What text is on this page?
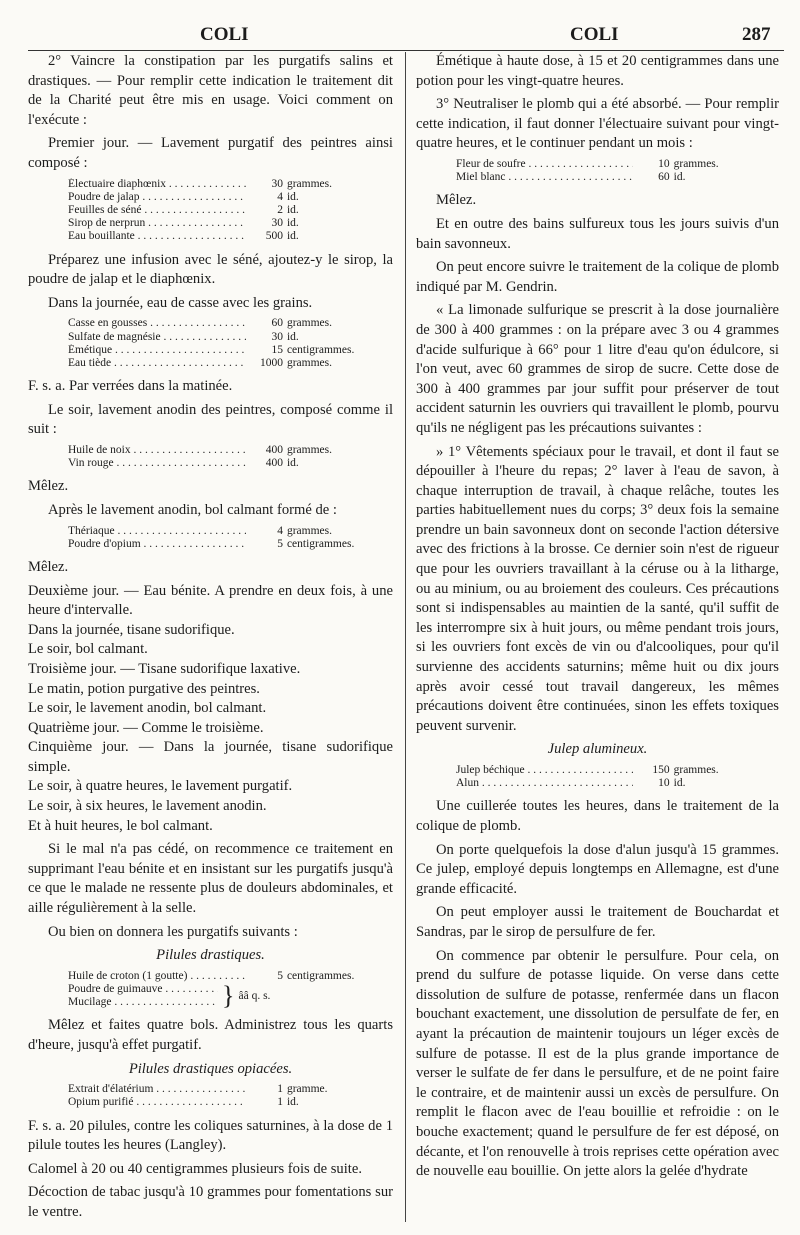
COLI	COLI	287

2° Vaincre la constipation par les purgatifs salins et drastiques. — Pour remplir cette indication le traitement dit de la Charité peut être mis en usage. Voici comment on l'exécute :

Premier jour. — Lavement purgatif des peintres ainsi composé :

Électuaire diaphœnix . . .	30 grammes.
Poudre de jalap . . .	4 id.
Feuilles de séné . . .	2 id.
Sirop de nerprun . . .	30 id.
Eau bouillante . . .	500 id.

Préparez une infusion avec le séné, ajoutez-y le sirop, la poudre de jalap et le diaphœnix.

Dans la journée, eau de casse avec les grains.

Casse en gousses . . .	60 grammes.
Sulfate de magnésie . . .	30 id.
Émétique . . .	15 centigrammes.
Eau tiède . . .	1000 grammes.

F. s. a. Par verrées dans la matinée.

Le soir, lavement anodin des peintres, composé comme il suit :

Huile de noix . . .	400 grammes.
Vin rouge . . .	400 id.

Mêlez.

Après le lavement anodin, bol calmant formé de :

Thériaque . . .	4 grammes.
Poudre d'opium . . .	5 centigrammes.

Mêlez.

Deuxième jour. — Eau bénite. A prendre en deux fois, à une heure d'intervalle.

Dans la journée, tisane sudorifique.

Le soir, bol calmant.

Troisième jour. — Tisane sudorifique laxative.

Le matin, potion purgative des peintres.

Le soir, le lavement anodin, bol calmant.

Quatrième jour. — Comme le troisième.

Cinquième jour. — Dans la journée, tisane sudorifique simple.

Le soir, à quatre heures, le lavement purgatif.

Le soir, à six heures, le lavement anodin.

Et à huit heures, le bol calmant.

Si le mal n'a pas cédé, on recommence ce traitement en supprimant l'eau bénite et en insistant sur les purgatifs jusqu'à ce que le malade ne ressente plus de douleurs abdominales, et aille régulièrement à la selle.

Ou bien on donnera les purgatifs suivants :

Pilules drastiques.

Huile de croton (1 goutte) . . .	5 centigrammes.
Poudre de guimauve . . .
Mucilage . . .	} ââ q. s.

Mêlez et faites quatre bols. Administrez tous les quarts d'heure, jusqu'à effet purgatif.

Pilules drastiques opiacées.

Extrait d'élatérium . . .	1 gramme.
Opium purifié . . .	1 id.

F. s. a. 20 pilules, contre les coliques saturnines, à la dose de 1 pilule toutes les heures (Langley).

Calomel à 20 ou 40 centigrammes plusieurs fois de suite.

Décoction de tabac jusqu'à 10 grammes pour fomentations sur le ventre.

Émétique à haute dose, à 15 et 20 centigrammes dans une potion pour les vingt-quatre heures.

3° Neutraliser le plomb qui a été absorbé. — Pour remplir cette indication, il faut donner l'électuaire suivant pour vingt-quatre heures, et le continuer pendant un mois :

Fleur de soufre . . .	10 grammes.
Miel blanc . . .	60 id.

Mêlez.

Et en outre des bains sulfureux tous les jours suivis d'un bain savonneux.

On peut encore suivre le traitement de la colique de plomb indiqué par M. Gendrin.

« La limonade sulfurique se prescrit à la dose journalière de 300 à 400 grammes : on la prépare avec 3 ou 4 grammes d'acide sulfurique à 66° pour 1 litre d'eau qu'on édulcore, si l'on veut, avec 60 grammes de sirop de sucre. Cette dose de 300 à 400 grammes par jour suffit pour préserver de tout accident saturnin les ouvriers qui travaillent le plomb, pourvu qu'ils ne négligent pas les précautions suivantes :

» 1° Vêtements spéciaux pour le travail, et dont il faut se dépouiller à l'heure du repas; 2° laver à l'eau de savon, à chaque interruption de travail, à chaque relâche, toutes les parties habituellement nues du corps; 3° deux fois la semaine prendre un bain savonneux dont on seconde l'action détersive avec des frictions à la brosse. Ce dernier soin n'est de rigueur que pour les ouvriers travaillant à la céruse ou à la litharge, ou au minium, ou au broiement des couleurs. Ces précautions sont si indispensables au maintien de la santé, qu'il suffit de les interrompre six à huit jours, ou même pendant trois jours, si les ouvriers font excès de vin ou d'alcooliques, pour qu'il survienne des accidents saturnins; même huit ou dix jours après avoir cessé tout travail dangereux, les mêmes précautions doivent être continuées, sinon les effets toxiques peuvent survenir.

Julep alumineux.

Julep béchique . . .	150 grammes.
Alun . . .	10 id.

Une cuillerée toutes les heures, dans le traitement de la colique de plomb.

On porte quelquefois la dose d'alun jusqu'à 15 grammes. Ce julep, employé depuis longtemps en Allemagne, est d'une grande efficacité.

On peut employer aussi le traitement de Bouchardat et Sandras, par le sirop de persulfure de fer.

On commence par obtenir le persulfure. Pour cela, on prend du sulfure de potasse liquide. On verse dans cette dissolution de sulfure de potasse, renfermée dans un flacon bouchant exactement, une dissolution de persulfate de fer, en ayant la précaution de maintenir toujours un léger excès de sulfure de potasse. Il est de la plus grande importance de verser le sulfate de fer dans le persulfure, et de ne point faire le contraire, et de maintenir aussi un excès de persulfure. On remplit le flacon avec de l'eau bouillie et refroidie : on le bouche exactement; quand le persulfure de fer est déposé, on décante, et l'on renouvelle à trois reprises cette opération avec de nouvelle eau bouillie. On jette alors la gelée d'hydrate
